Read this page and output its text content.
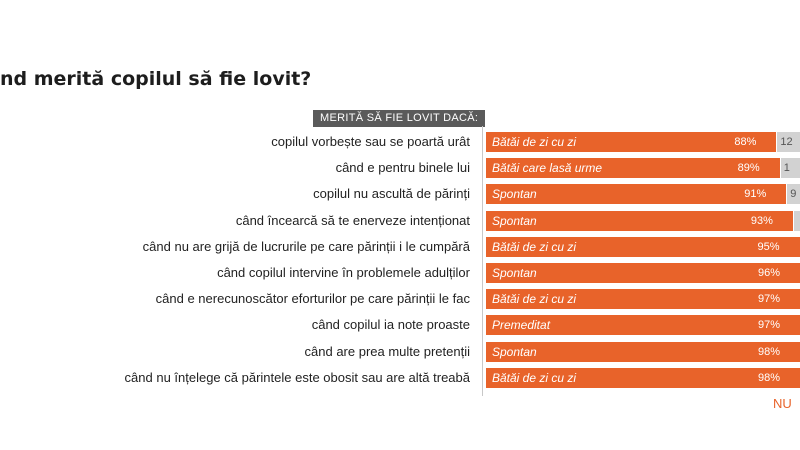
nd merită copilul să fie lovit?
MERITĂ SĂ FIE LOVIT DACĂ:
copilul vorbește sau se poartă urât Bătăi de zi cu zi	88% 12
când e pentru binele lui Bătăi care lasă urme	89% 1
copilul nu ascultă de părinți Spontan	91% 9
când încearcă să te enerveze intenționat Spontan	93%
când nu are grijă de lucrurile pe care părinții i le cumpără Bătăi de zi cu zi	95%
când copilul intervine în problemele adulților Spontan	96%
când e nerecunoscător eforturilor pe care părinții le fac Bătăi de zi cu zi	97%
când copilul ia note proaste Premeditat	97%
când are prea multe pretenții Spontan	98%
când nu înțelege că părintele este obosit sau are altă treabă Bătăi de zi cu zi	98%
NU
